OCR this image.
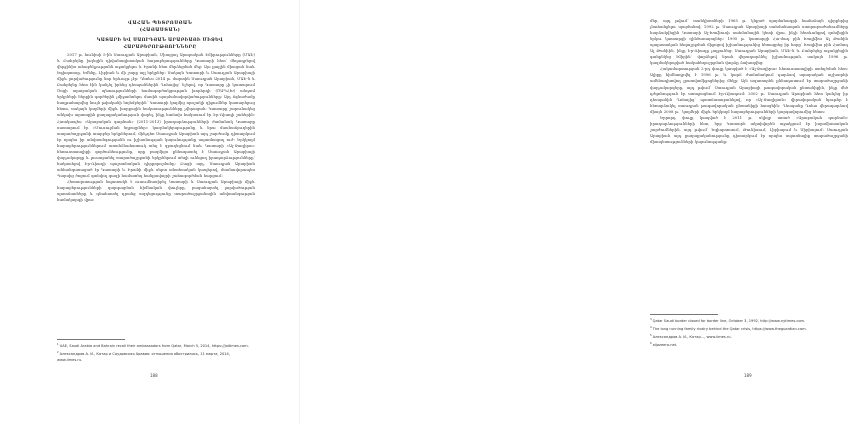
ՎԱՀԱՆ ՊԵՏՐՈՍՅԱՆ
(ՀԱՅԱՍՏԱՆ)
ԿԱՏԱՐԻ ԵՎ ՍԱՈՒԴՅԱՆ ԱՐԱԲԻԱՅԻ ՄԻՋԵՎ
ՀԱՐԱԲԵՐՈՒԹՅՈՒՆՆԵՐԸ

2017 թ. հունիսի 5-ին Սաուդյան Արաբիան, Միացյալ Արաբական Էմիրությունները (ՄԱԷ) և Բահրեյնը խզեցին դիվանագիտական հարաբերությունները Կատարի հետ՝ մեղադրելով վերջինիս ահաբեկչությանն աջակցելու և Իրանի հետ մերձեցման մեջ։ Այս քայլին միացան նաև Եգիպտոսը, Եմենը, Լիբիան և մի շարք այլ երկրներ։ Սակայն Կատարի և Սաուդյան Արաբիայի միջև լարվածությունը նոր երևույթ չէր։ Դեռևս 2014 թ. մարտին Սաուդյան Արաբիան, ՄԱԷ-ն և Բահրեյնը հետ էին կանչել իրենց դեսպաններին Դոհայից՝ նշելով, որ Կատարը չի կատարում Ծոցի արաբական պետությունների համագործակցության խորհրդի (ԾԱՊՀԽ) անդամ երկրների ներքին գործերին չմիջամտելու մասին պայմանավորվածությունները։ Այդ ճգնաժամը հաղթահարվեց նույն թվականի նոյեմբերին՝ Կատարի կողմից որոշակի զիջումներ կատարելուց հետո, սակայն կողմերի միջև խորքային հակասությունները չվերացան։ Կատարը շարունակեց անկախ արտաքին քաղաքականություն վարել, ինչը հաճախ հակասում էր Էր-Ռիադի շահերին։ Հատկապես «Արաբական գարնան» (2011-2013) իրադարձությունների ժամանակ Կատարը սատարում էր «Մուսուլման եղբայրներ» կազմակերպությանը և նրա մասնաճյուղերին տարածաշրջանի տարբեր երկրներում, մինչդեռ Սաուդյան Արաբիան այդ շարժումը դիտարկում էր որպես իր անվտանգությանն ու իշխանության կայունությանը սպառնացող ուժ։ Երկկողմ հարաբերություններում առանձնահատուկ տեղ է զբաղեցնում նաև Կատարի «Ալ-Ջազիրա» հեռուստաալիքի գործունեությունը, որը բազմիցս քննադատել է Սաուդյան Արաբիայի վարչակարգը և լուսաբանել տարածաշրջանի երկրներում տեղի ունեցող իրադարձությունները՝ հակասելով Էր-Ռիադի պաշտոնական դիրքորոշմանը։ Բացի այդ, Սաուդյան Արաբիան անհանգստացած էր Կատարի և Իրանի միջև սերտ տնտեսական կապերով, մասնավորապես Պարսից ծոցում գտնվող գազի համատեղ հանքավայրի շահագործման հարցում։

Հետազոտության նպատակն է ուսումնասիրել Կատարի և Սաուդյան Արաբիայի միջև հարաբերությունների զարգացման հիմնական փուլերը, բացահայտել լարվածության պատճառները և գնահատել դրանց ազդեցությունը տարածաշրջանային անվտանգության համակարգի վրա։

$^1$UAE, Saudi Arabia and Bahrain recall their ambassadors from Qatar, March 5, 2014, https://jaltimes.com.

$^2$Александров А. И., Катар и Саудовская Аравия: отношения обострились, 11 марта, 2014, www.iimes.ru.

188

մեր, այդ թվում՝ տանկիստների 1965 թ. կնքած պայմանագրի համաձայն դիրքերից չնահանջելու պայմանով։ 1992 թ. Սաուդյան Արաբիայի սահմանապահ ստորաբաժանումները հարձակվեցին Կատարի Ալ-Խաֆուսի սահմանային կետի վրա, ինչի հետևանքով զոհվեցին երկու կատարցի զինծառայողներ։ 1995 թ. կատարցի Հա-մադ բին Խալիֆա Ալ Թանին պալատական հեղաշրջման միջոցով իշխանությունից հեռացրեց իր հորը՝ Խալիֆա բին Համադ Ալ Թանիին, ինչը Էր-Ռիադը չողջունեց։ Սաուդյան Արաբիան, ՄԱԷ-ն և Բահրեյնը աջակցեցին գահընկեց էմիրին՝ փորձելով նրան վերադարձնել իշխանության, սակայն 1996 թ. կազմակերպված հակահեղաշրջման փորձը ձախողվեց։

Հակամարտության 2-րդ փուլը կապված է «Ալ-Ջազիրա» հեռուստաալիքի ստեղծման հետ։ Ալիքը հիմնադրվել է 1996 թ. և կարճ ժամանակում դարձավ արաբական աշխարհի ամենադիտվող լրատվամիջոցներից մեկը։ Այն ազատորեն քննադատում էր տարածաշրջանի վարչակարգերը, այդ թվում՝ Սաուդյան Արաբիայի թագավորական ընտանիքին, ինչը մեծ դժգոհություն էր առաջացնում Էր-Ռիադում։ 2002 թ. Սաուդյան Արաբիան հետ կանչեց իր դեսպանին Դոհայից՝ պատճառաբանելով, որ «Ալ-Ջազիրան» վիրավորական նյութեր է հեռարձակել սաուդյան թագավորական ընտանիքի հասցեին։ Դեսպանը Դոհա վերադարձավ միայն 2008 թ.՝ կողմերի միջև երկկողմ հարաբերությունների կարգավորումից հետո։

Երրորդ փուլը կապված է 2011 թ. սկիզբ առած «Արաբական գարնան» իրադարձությունների հետ, երբ Կատարն ակտիվորեն աջակցում էր իսլամիստական շարժումներին, այդ թվում՝ Եգիպտոսում, Թունիսում, Լիբիայում և Սիրիայում։ Սաուդյան Արաբիան այդ քաղաքականությունը դիտարկում էր որպես սպառնալիք տարածաշրջանի միապետությունների կայունությանը։

$^3$Qatar Saudi border closed for border line, October 3, 1992, http://www.nytimes.com.

$^4$The long running family rivalry behind the Qatar crisis, https://www.theguardian.com.

$^5$Александров А. И., Катар..., www.iimes.ru.

$^6$aljazeera.net.

189
